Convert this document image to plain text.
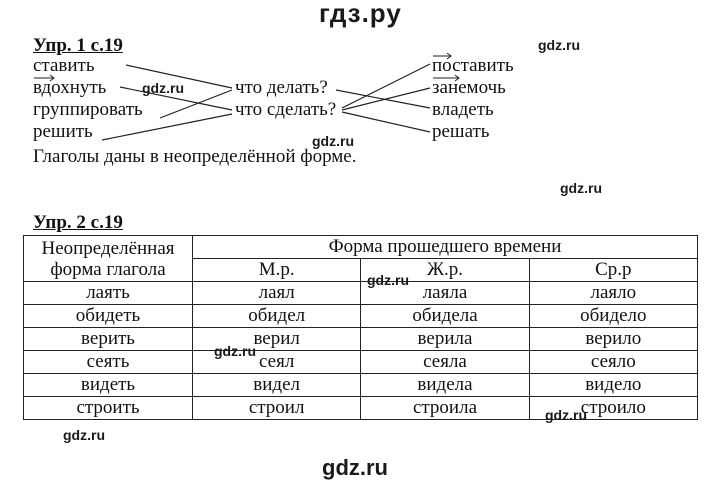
гдз.ру
Упр. 1 с.19
ставить
вдохнуть
группировать
решить
что делать?
что сделать?
поставить
занемочь
владеть
решать
Глаголы даны в неопределённой форме.
Упр. 2 с.19
Неопределённая форма глагола	Форма прошедшего времени		
	М.р.	Ж.р.	Ср.р
лаять	лаял	лаяла	лаяло
обидеть	обидел	обидела	обидело
верить	верил	верила	верило
сеять	сеял	сеяла	сеяло
видеть	видел	видела	видело
строить	строил	строила	строило
gdz.ru
gdz.ru
gdz.ru
gdz.ru
gdz.ru
gdz.ru
gdz.ru
gdz.ru
gdz.ru
